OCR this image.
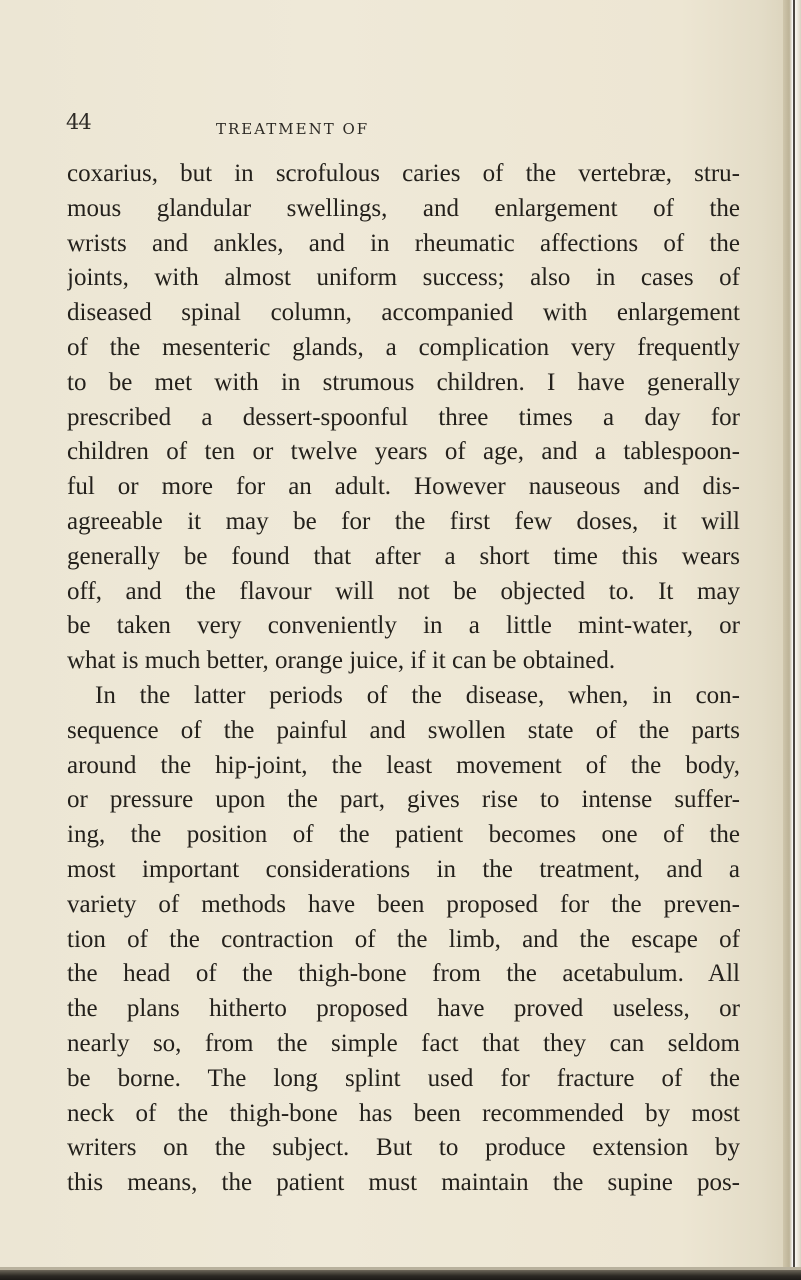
44	TREATMENT OF
coxarius, but in scrofulous caries of the vertebræ, stru-
mous glandular swellings, and enlargement of the
wrists and ankles, and in rheumatic affections of the
joints, with almost uniform success; also in cases of
diseased spinal column, accompanied with enlargement
of the mesenteric glands, a complication very frequently
to be met with in strumous children. I have generally
prescribed a dessert-spoonful three times a day for
children of ten or twelve years of age, and a tablespoon-
ful or more for an adult. However nauseous and dis-
agreeable it may be for the first few doses, it will
generally be found that after a short time this wears
off, and the flavour will not be objected to. It may
be taken very conveniently in a little mint-water, or
what is much better, orange juice, if it can be obtained.
In the latter periods of the disease, when, in con-
sequence of the painful and swollen state of the parts
around the hip-joint, the least movement of the body,
or pressure upon the part, gives rise to intense suffer-
ing, the position of the patient becomes one of the
most important considerations in the treatment, and a
variety of methods have been proposed for the preven-
tion of the contraction of the limb, and the escape of
the head of the thigh-bone from the acetabulum. All
the plans hitherto proposed have proved useless, or
nearly so, from the simple fact that they can seldom
be borne. The long splint used for fracture of the
neck of the thigh-bone has been recommended by most
writers on the subject. But to produce extension by
this means, the patient must maintain the supine pos-
